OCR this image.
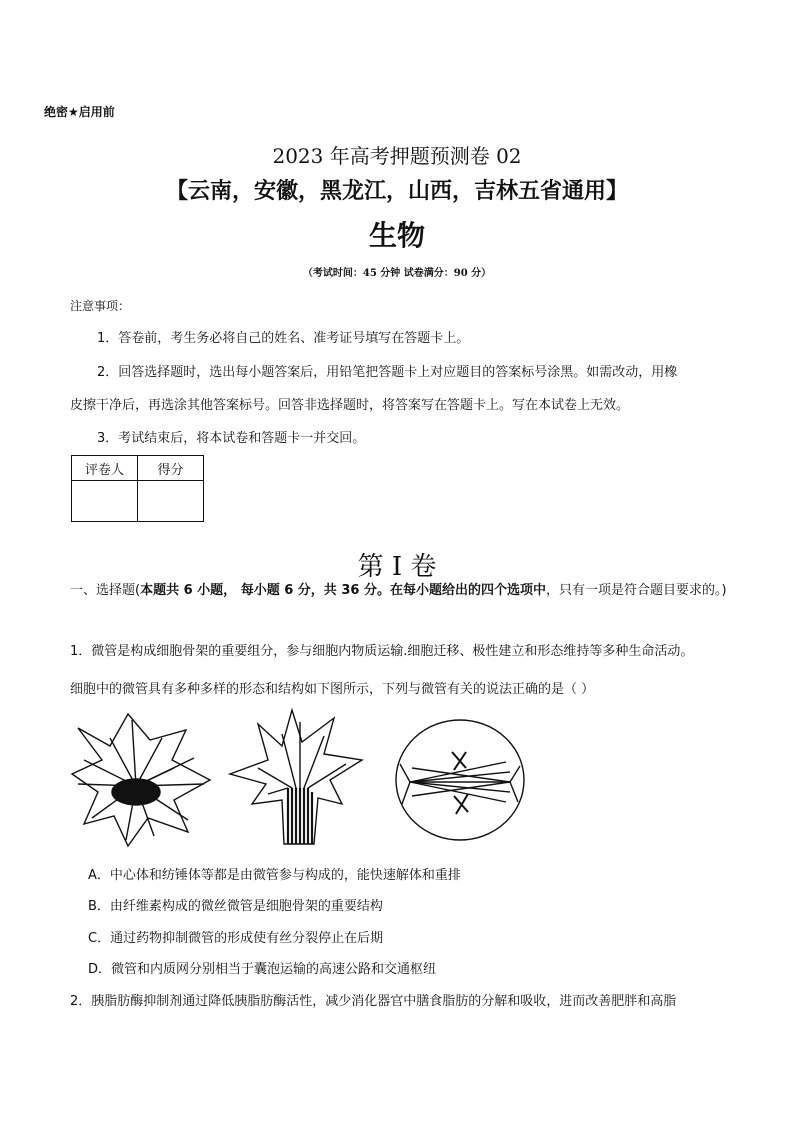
绝密★启用前
2023 年高考押题预测卷 02
【云南，安徽，黑龙江，山西，吉林五省通用】
生物
（考试时间：45 分钟 试卷满分：90 分）
注意事项：
1．答卷前，考生务必将自己的姓名、准考证号填写在答题卡上。
2．回答选择题时，选出每小题答案后，用铅笔把答题卡上对应题目的答案标号涂黑。如需改动，用橡
皮擦干净后，再选涂其他答案标号。回答非选择题时，将答案写在答题卡上。写在本试卷上无效。
3．考试结束后，将本试卷和答题卡一并交回。
评卷人	得分

第 I 卷
一、选择题(本题共 6 小题， 每小题 6 分，共 36 分。在每小题给出的四个选项中，只有一项是符合题目要求的。)
1．微管是构成细胞骨架的重要组分，参与细胞内物质运输.细胞迁移、极性建立和形态维持等多种生命活动。
细胞中的微管具有多种多样的形态和结构如下图所示，下列与微管有关的说法正确的是（ ）
A．中心体和纺锤体等都是由微管参与构成的，能快速解体和重排
B．由纤维素构成的微丝微管是细胞骨架的重要结构
C．通过药物抑制微管的形成使有丝分裂停止在后期
D．微管和内质网分别相当于囊泡运输的高速公路和交通枢纽
2．胰脂肪酶抑制剂通过降低胰脂肪酶活性，减少消化器官中膳食脂肪的分解和吸收，进而改善肥胖和高脂
